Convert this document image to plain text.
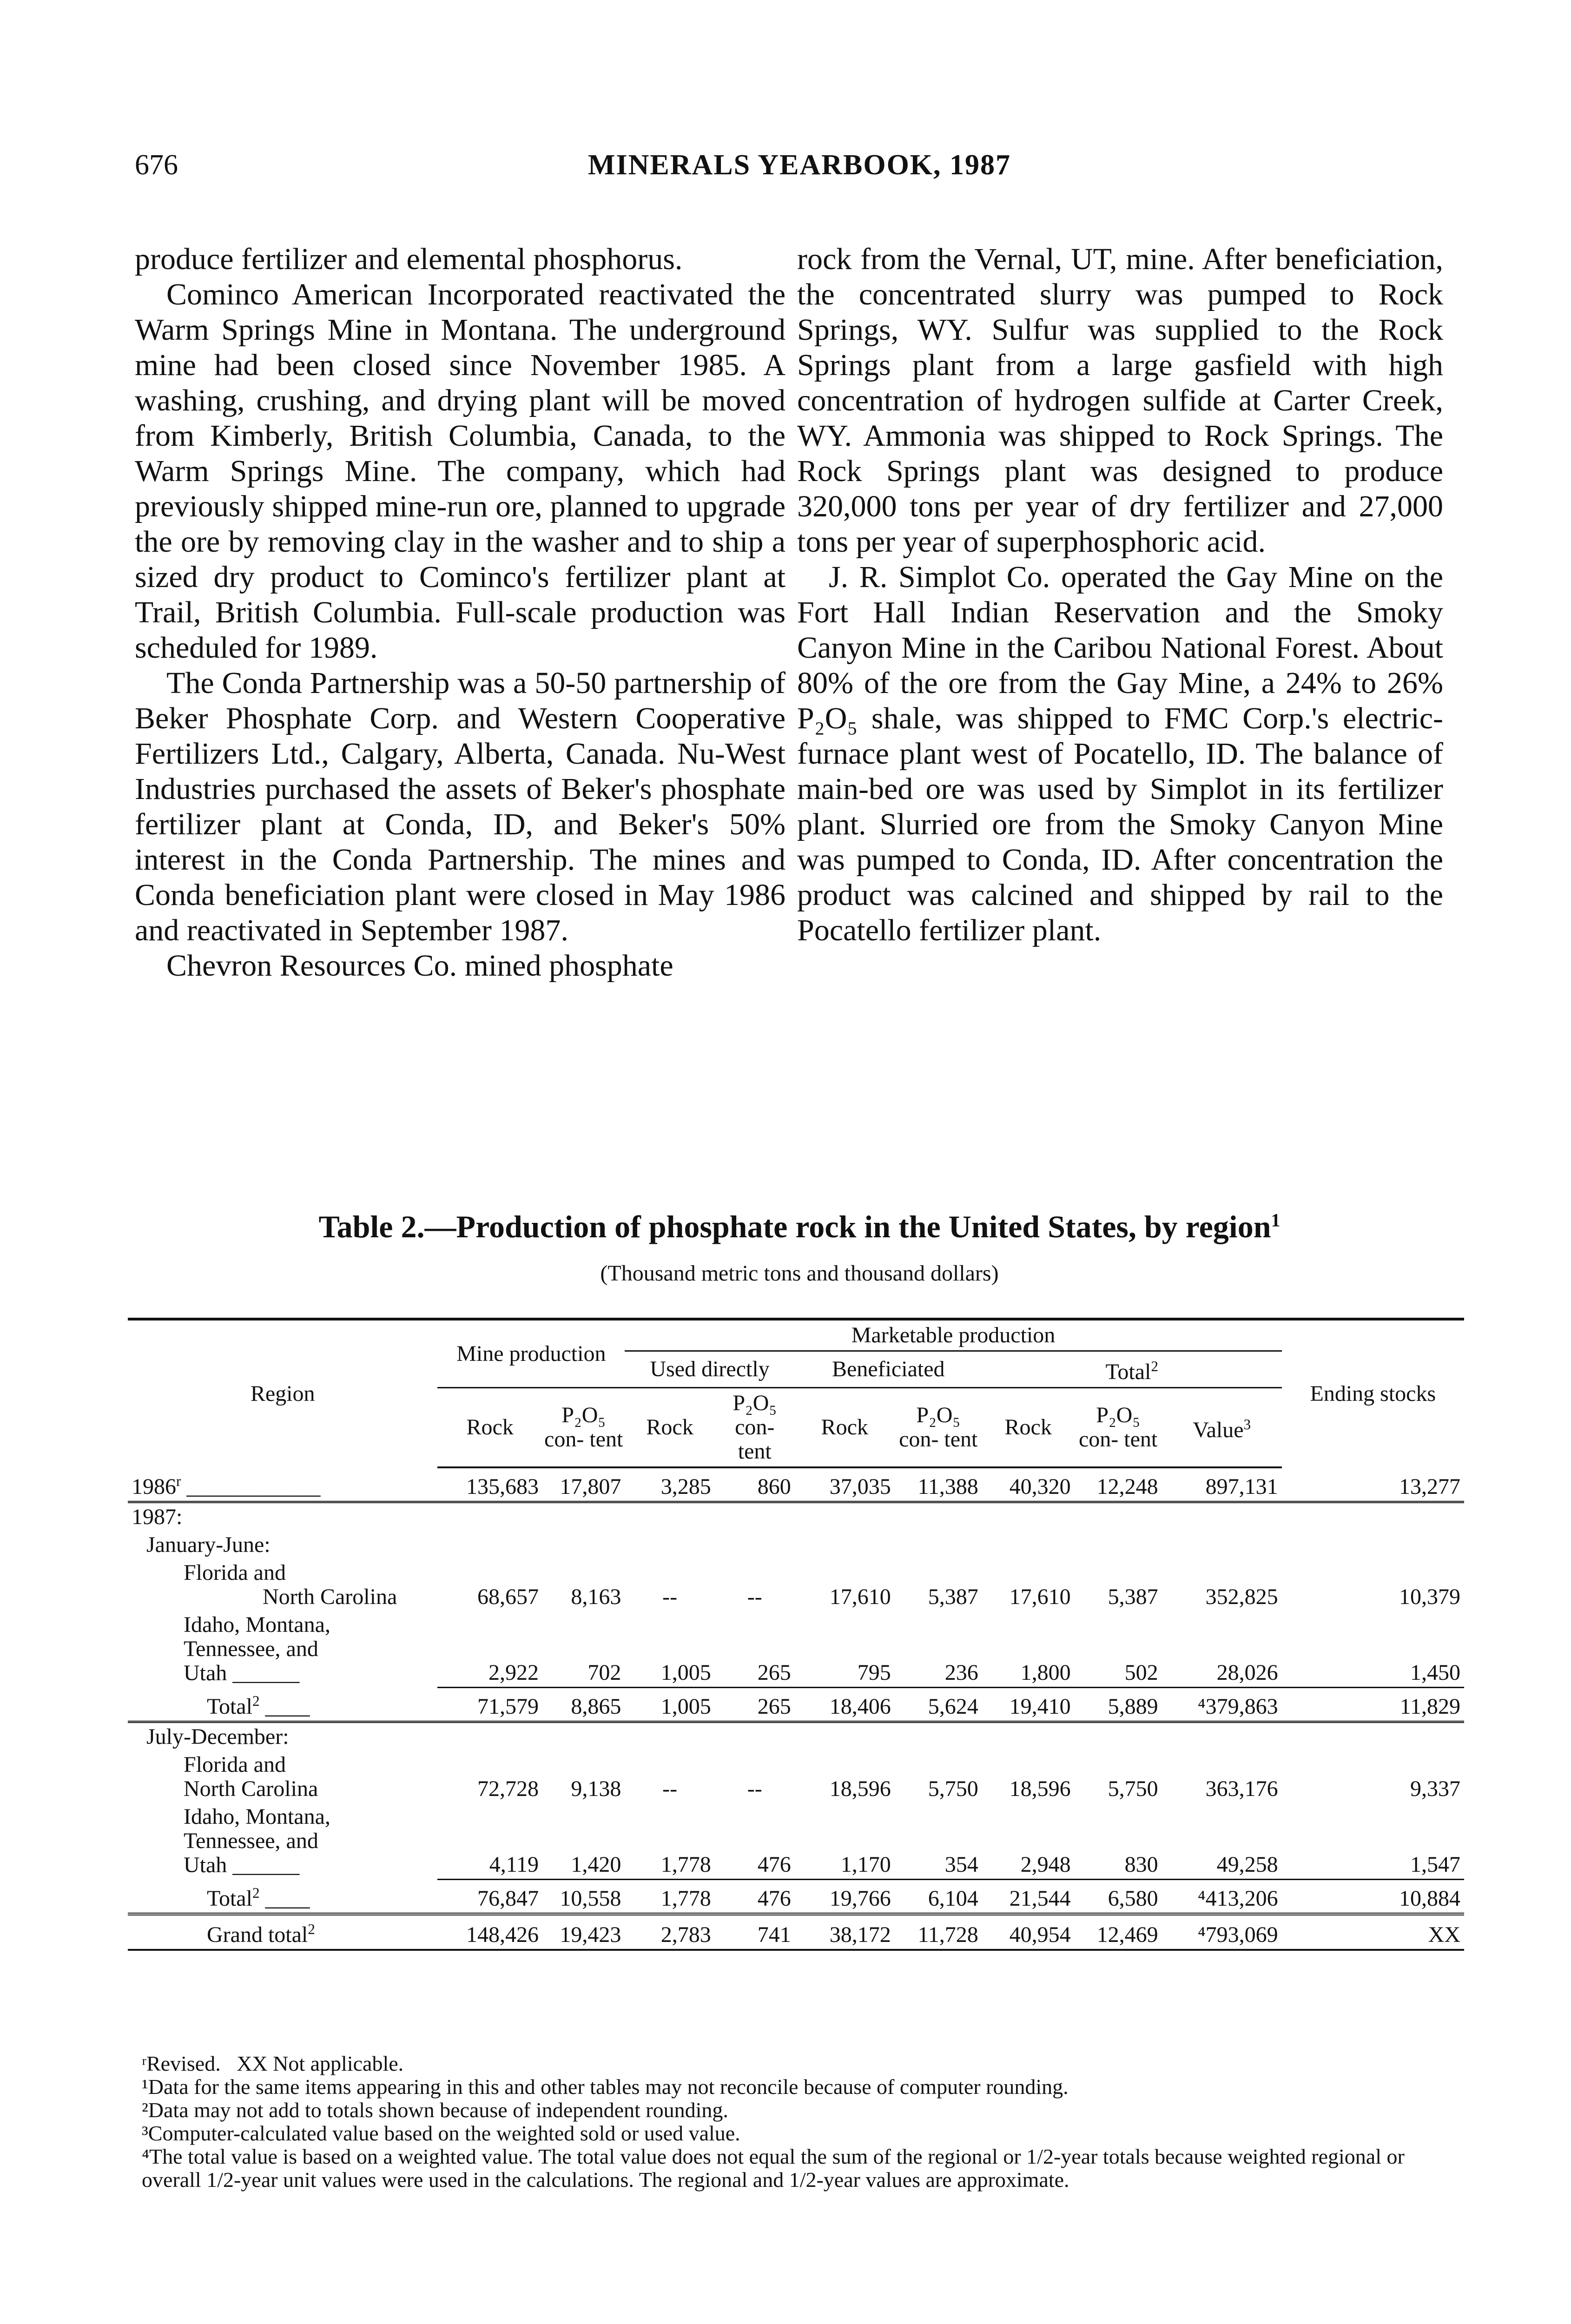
676	MINERALS YEARBOOK, 1987

produce fertilizer and elemental phosphorus.

Cominco American Incorporated reactivated the Warm Springs Mine in Montana. The underground mine had been closed since November 1985. A washing, crushing, and drying plant will be moved from Kimberly, British Columbia, Canada, to the Warm Springs Mine. The company, which had previously shipped mine-run ore, planned to upgrade the ore by removing clay in the washer and to ship a sized dry product to Cominco's fertilizer plant at Trail, British Columbia. Full-scale production was scheduled for 1989.

The Conda Partnership was a 50-50 partnership of Beker Phosphate Corp. and Western Cooperative Fertilizers Ltd., Calgary, Alberta, Canada. Nu-West Industries purchased the assets of Beker's phosphate fertilizer plant at Conda, ID, and Beker's 50% interest in the Conda Partnership. The mines and Conda beneficiation plant were closed in May 1986 and reactivated in September 1987.

Chevron Resources Co. mined phosphate

rock from the Vernal, UT, mine. After beneficiation, the concentrated slurry was pumped to Rock Springs, WY. Sulfur was supplied to the Rock Springs plant from a large gasfield with high concentration of hydrogen sulfide at Carter Creek, WY. Ammonia was shipped to Rock Springs. The Rock Springs plant was designed to produce 320,000 tons per year of dry fertilizer and 27,000 tons per year of superphosphoric acid.

J. R. Simplot Co. operated the Gay Mine on the Fort Hall Indian Reservation and the Smoky Canyon Mine in the Caribou National Forest. About 80% of the ore from the Gay Mine, a 24% to 26% P₂O₅ shale, was shipped to FMC Corp.'s electric-furnace plant west of Pocatello, ID. The balance of main-bed ore was used by Simplot in its fertilizer plant. Slurried ore from the Smoky Canyon Mine was pumped to Conda, ID. After concentration the product was calcined and shipped by rail to the Pocatello fertilizer plant.

Table 2.—Production of phosphate rock in the United States, by region$^1$
(Thousand metric tons and thousand dollars)
Region	Mine production		Marketable production							Ending stocks
			Used directly		Beneficiated		Total$^2$
	Rock	P₂O₅ con- tent	Rock	P₂O₅ con- tent	Rock	P₂O₅ con- tent	Rock	P₂O₅ con- tent	Value$^3$
1986$^r$ ____________	135,683	17,807	3,285	860	37,035	11,388	40,320	12,248	897,131	13,277
1987:										
January-June:										
Florida and
North Carolina	68,657	8,163	--	--	17,610	5,387	17,610	5,387	352,825	10,379
Idaho, Montana,
Tennessee, and
Utah ______	2,922	702	1,005	265	795	236	1,800	502	28,026	1,450
Total$^2$ ____	71,579	8,865	1,005	265	18,406	5,624	19,410	5,889	⁴379,863	11,829
July-December:										
Florida and
North Carolina	72,728	9,138	--	--	18,596	5,750	18,596	5,750	363,176	9,337
Idaho, Montana,
Tennessee, and
Utah ______	4,119	1,420	1,778	476	1,170	354	2,948	830	49,258	1,547
Total$^2$ ____	76,847	10,558	1,778	476	19,766	6,104	21,544	6,580	⁴413,206	10,884
Grand total$^2$	148,426	19,423	2,783	741	38,172	11,728	40,954	12,469	⁴793,069	XX

ʳRevised. XX Not applicable.

¹Data for the same items appearing in this and other tables may not reconcile because of computer rounding.

²Data may not add to totals shown because of independent rounding.

³Computer-calculated value based on the weighted sold or used value.

⁴The total value is based on a weighted value. The total value does not equal the sum of the regional or 1/2-year totals because weighted regional or overall 1/2-year unit values were used in the calculations. The regional and 1/2-year values are approximate.
